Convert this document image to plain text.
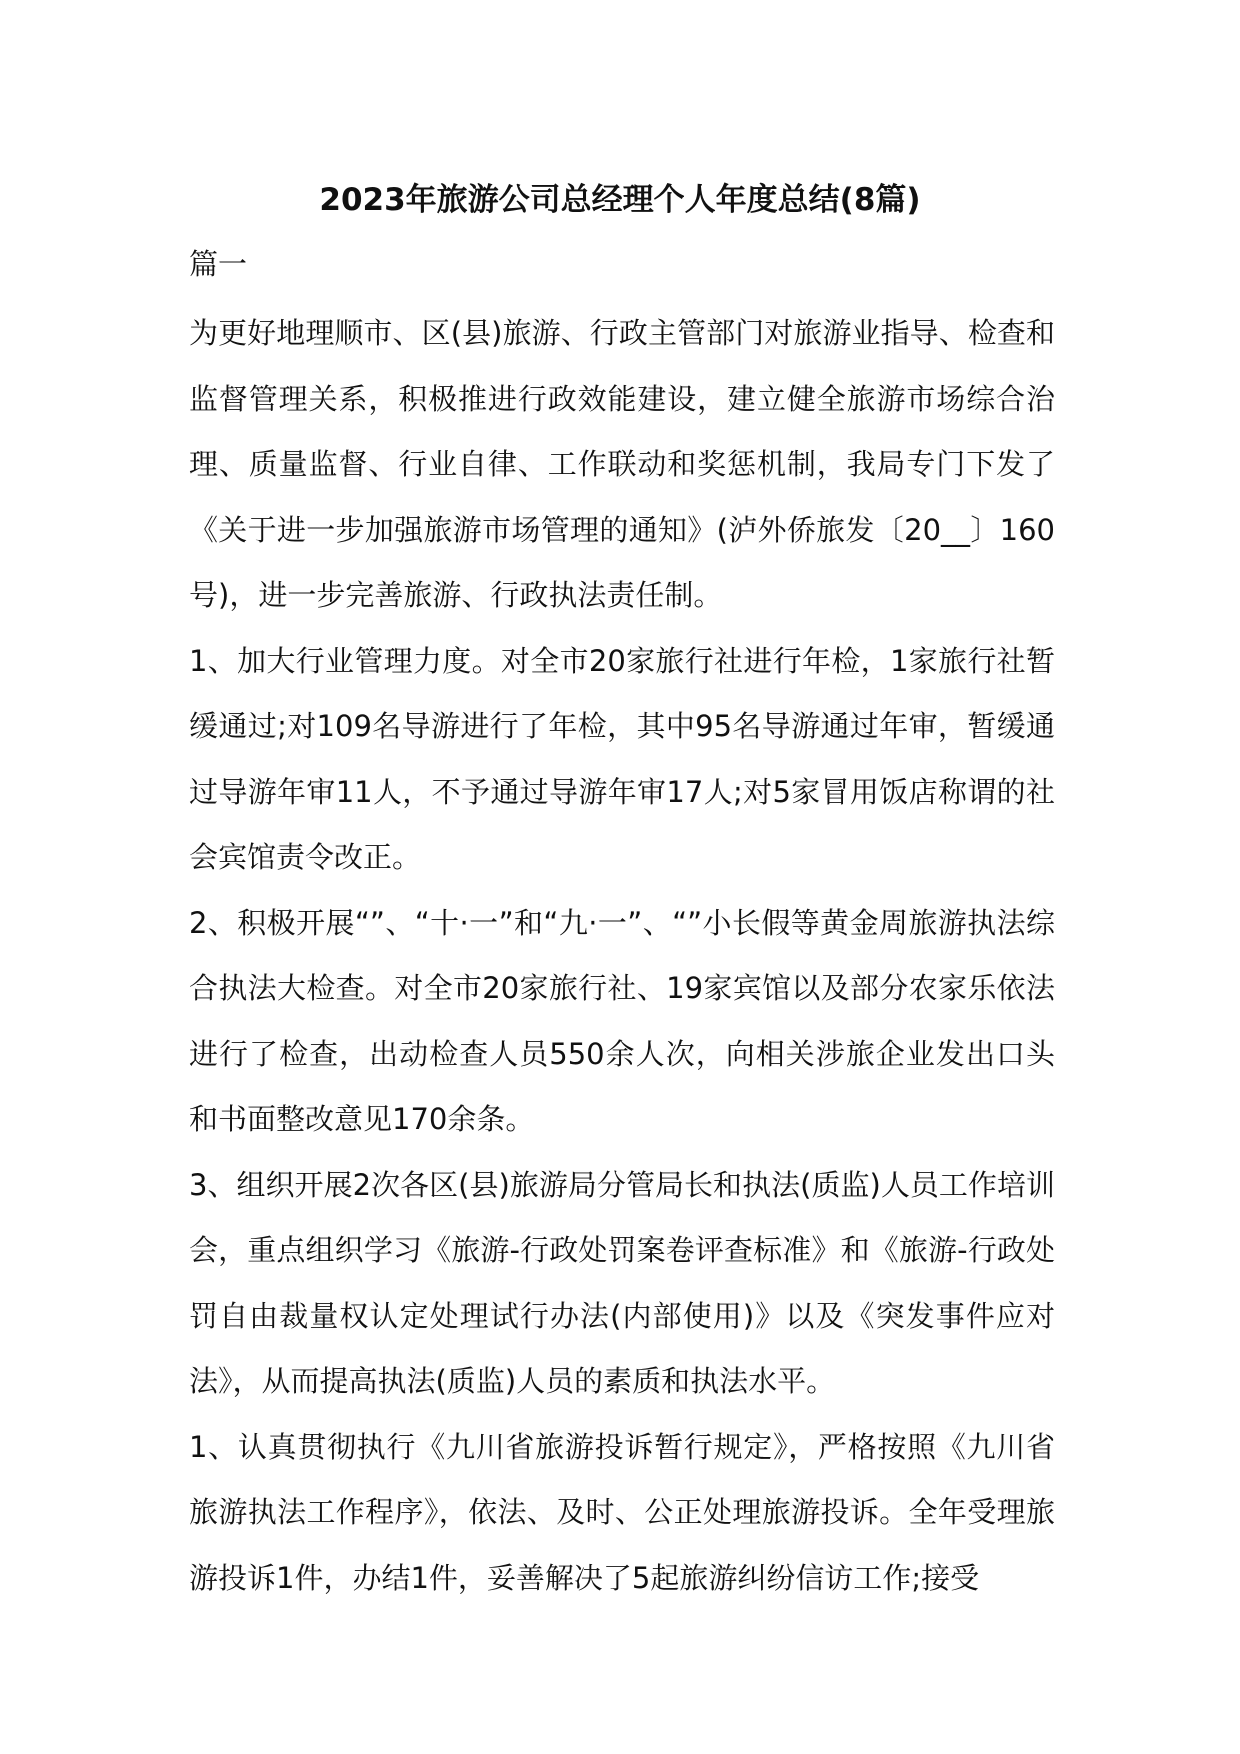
2023年旅游公司总经理个人年度总结(8篇)
篇一

为更好地理顺市、区(县)旅游、行政主管部门对旅游业指导、检查和监督管理关系，积极推进行政效能建设，建立健全旅游市场综合治理、质量监督、行业自律、工作联动和奖惩机制，我局专门下发了《关于进一步加强旅游市场管理的通知》(泸外侨旅发〔20__〕160号)，进一步完善旅游、行政执法责任制。

1、加大行业管理力度。对全市20家旅行社进行年检，1家旅行社暂缓通过;对109名导游进行了年检，其中95名导游通过年审，暂缓通过导游年审11人，不予通过导游年审17人;对5家冒用饭店称谓的社会宾馆责令改正。

2、积极开展“”、“十·一”和“九·一”、“”小长假等黄金周旅游执法综合执法大检查。对全市20家旅行社、19家宾馆以及部分农家乐依法进行了检查，出动检查人员550余人次，向相关涉旅企业发出口头和书面整改意见170余条。

3、组织开展2次各区(县)旅游局分管局长和执法(质监)人员工作培训会，重点组织学习《旅游-行政处罚案卷评查标准》和《旅游-行政处罚自由裁量权认定处理试行办法(内部使用)》以及《突发事件应对法》，从而提高执法(质监)人员的素质和执法水平。

1、认真贯彻执行《九川省旅游投诉暂行规定》，严格按照《九川省旅游执法工作程序》，依法、及时、公正处理旅游投诉。全年受理旅游投诉1件，办结1件，妥善解决了5起旅游纠纷信访工作;接受
